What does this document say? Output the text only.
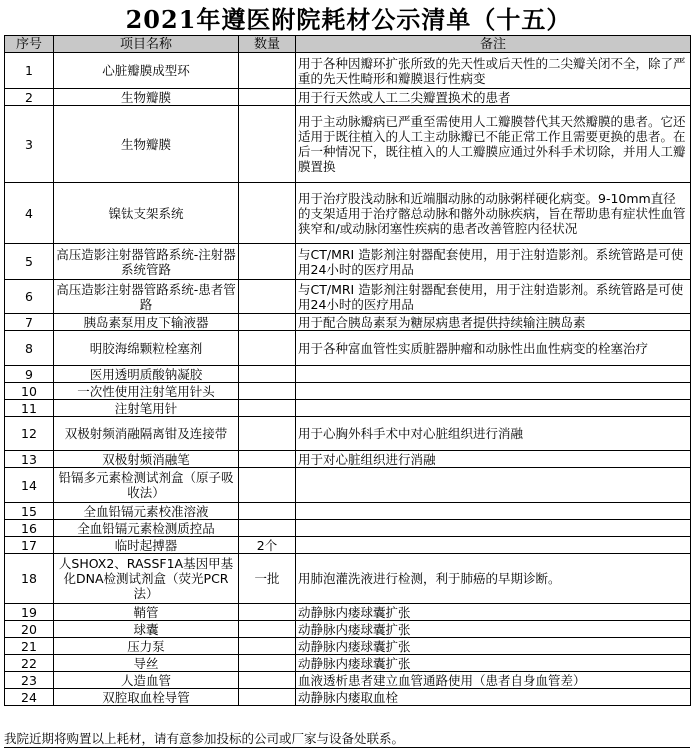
2021年遵医附院耗材公示清单（十五）
序号	项目名称	数量	备注
1	心脏瓣膜成型环		用于各种因瓣环扩张所致的先天性或后天性的二尖瓣关闭不全，除了严重的先天性畸形和瓣膜退行性病变
2	生物瓣膜		用于行天然或人工二尖瓣置换术的患者
3	生物瓣膜		用于主动脉瓣病已严重至需使用人工瓣膜替代其天然瓣膜的患者。它还适用于既往植入的人工主动脉瓣已不能正常工作且需要更换的患者。在后一种情况下，既往植入的人工瓣膜应通过外科手术切除，并用人工瓣膜置换
4	镍钛支架系统		用于治疗股浅动脉和近端腘动脉的动脉粥样硬化病变。9-10mm直径的支架适用于治疗髂总动脉和髂外动脉疾病，旨在帮助患有症状性血管狭窄和/或动脉闭塞性疾病的患者改善管腔内径状况
5	高压造影注射器管路系统-注射器系统管路		与CT/MRI 造影剂注射器配套使用，用于注射造影剂。系统管路是可使用24小时的医疗用品
6	高压造影注射器管路系统-患者管路		与CT/MRI 造影剂注射器配套使用，用于注射造影剂。系统管路是可使用24小时的医疗用品
7	胰岛素泵用皮下输液器		用于配合胰岛素泵为糖尿病患者提供持续输注胰岛素
8	明胶海绵颗粒栓塞剂		用于各种富血管性实质脏器肿瘤和动脉性出血性病变的栓塞治疗
9	医用透明质酸钠凝胶		
10	一次性使用注射笔用针头		
11	注射笔用针		
12	双极射频消融隔离钳及连接带		用于心胸外科手术中对心脏组织进行消融
13	双极射频消融笔		用于对心脏组织进行消融
14	铅镉多元素检测试剂盒（原子吸收法）		
15	全血铅镉元素校准溶液		
16	全血铅镉元素检测质控品		
17	临时起搏器	2个	
18	人SHOX2、RASSF1A基因甲基化DNA检测试剂盒（荧光PCR法）	一批	用肺泡灌洗液进行检测，利于肺癌的早期诊断。
19	鞘管		动静脉内瘘球囊扩张
20	球囊		动静脉内瘘球囊扩张
21	压力泵		动静脉内瘘球囊扩张
22	导丝		动静脉内瘘球囊扩张
23	人造血管		血液透析患者建立血管通路使用（患者自身血管差）
24	双腔取血栓导管		动静脉内瘘取血栓
我院近期将购置以上耗材，请有意参加投标的公司或厂家与设备处联系。
